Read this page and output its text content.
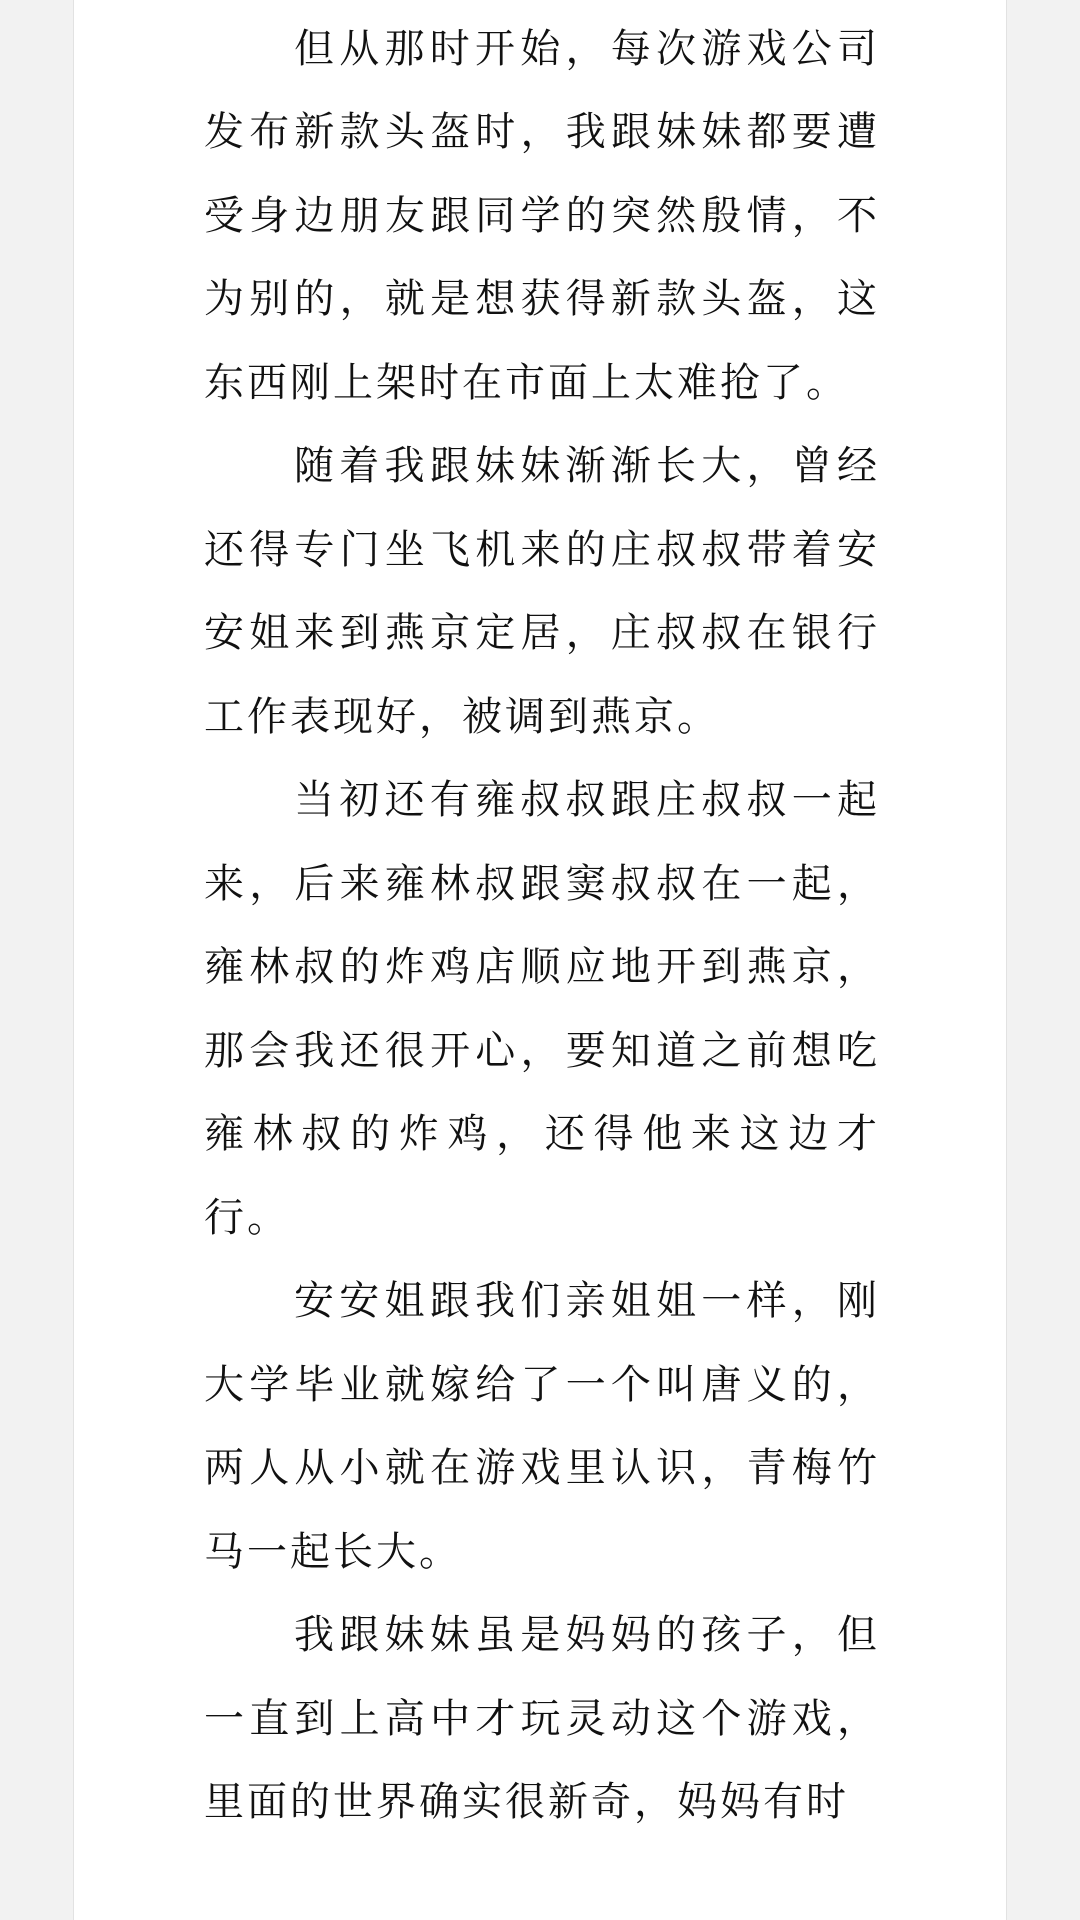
但从那时开始，每次游戏公司发布新款头盔时，我跟妹妹都要遭受身边朋友跟同学的突然殷情，不为别的，就是想获得新款头盔，这东西刚上架时在市面上太难抢了。

随着我跟妹妹渐渐长大，曾经还得专门坐飞机来的庄叔叔带着安安姐来到燕京定居，庄叔叔在银行工作表现好，被调到燕京。

当初还有雍叔叔跟庄叔叔一起来，后来雍林叔跟窦叔叔在一起，雍林叔的炸鸡店顺应地开到燕京，那会我还很开心，要知道之前想吃雍林叔的炸鸡，还得他来这边才行。

安安姐跟我们亲姐姐一样，刚大学毕业就嫁给了一个叫唐义的，两人从小就在游戏里认识，青梅竹马一起长大。

我跟妹妹虽是妈妈的孩子，但一直到上高中才玩灵动这个游戏，里面的世界确实很新奇，妈妈有时
